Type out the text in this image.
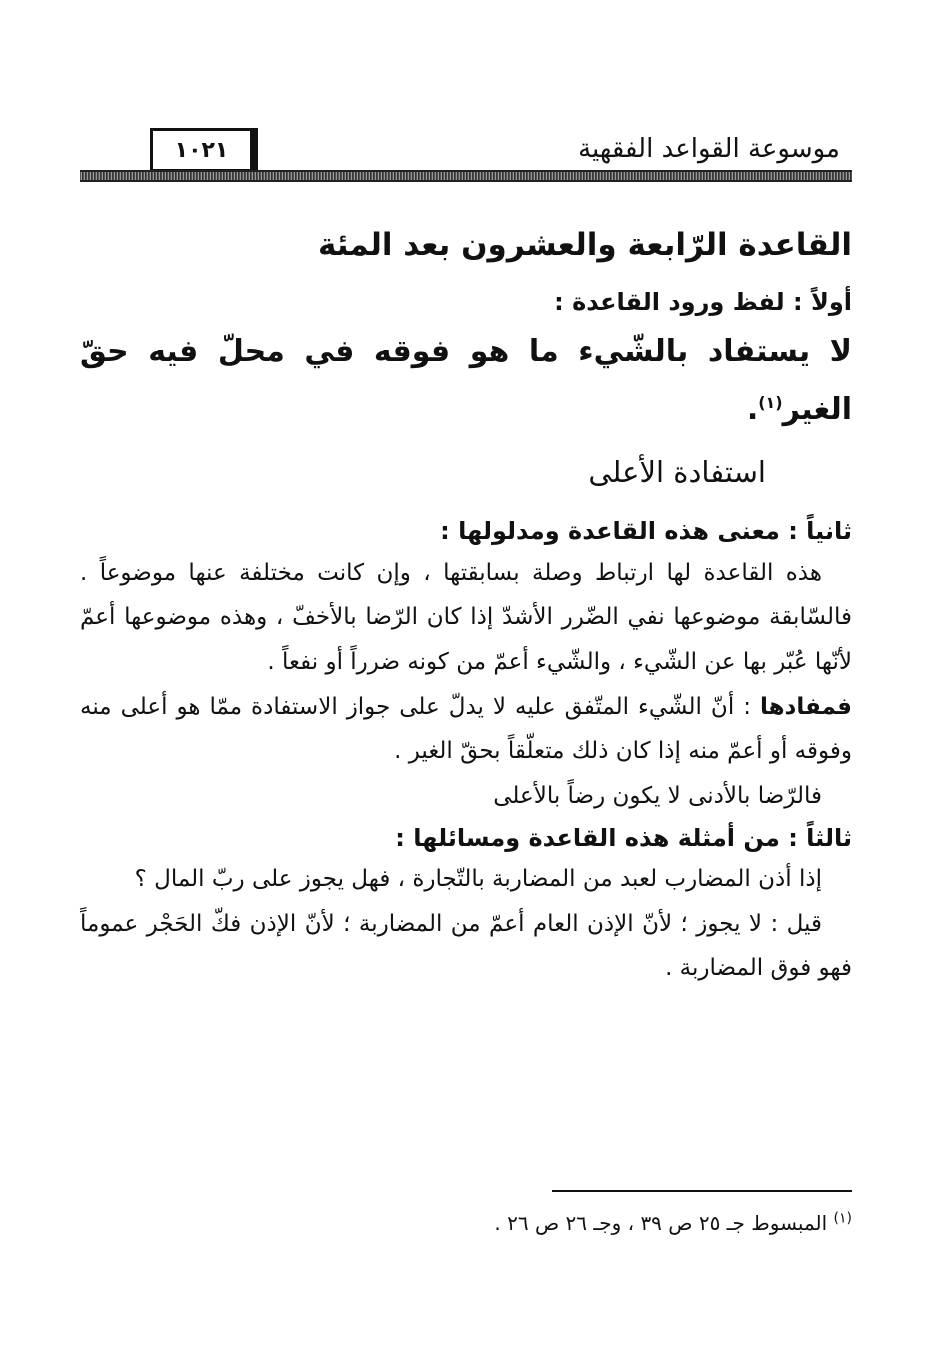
موسوعة القواعد الفقهية
١٠٢١
القاعدة الرّابعة والعشرون بعد المئة

أولاً : لفظ ورود القاعدة :

لا يستفاد بالشّيء ما هو فوقه في محلّ فيه حقّ الغير$^{(١)}$.

استفادة الأعلى

ثانياً : معنى هذه القاعدة ومدلولها :

هذه القاعدة لها ارتباط وصلة بسابقتها ، وإن كانت مختلفة عنها موضوعاً . فالسّابقة موضوعها نفي الضّرر الأشدّ إذا كان الرّضا بالأخفّ ، وهذه موضوعها أعمّ لأنّها عُبّر بها عن الشّيء ، والشّيء أعمّ من كونه ضرراً أو نفعاً .

فمفادها : أنّ الشّيء المتّفق عليه لا يدلّ على جواز الاستفادة ممّا هو أعلى منه وفوقه أو أعمّ منه إذا كان ذلك متعلّقاً بحقّ الغير .

فالرّضا بالأدنى لا يكون رضاً بالأعلى

ثالثاً : من أمثلة هذه القاعدة ومسائلها :

إذا أذن المضارب لعبد من المضاربة بالتّجارة ، فهل يجوز على ربّ المال ؟

قيل : لا يجوز ؛ لأنّ الإذن العام أعمّ من المضاربة ؛ لأنّ الإذن فكّ الحَجْر عموماً فهو فوق المضاربة .

$^{(١)}$ المبسوط جـ ٢٥ ص ٣٩ ، وجـ ٢٦ ص ٢٦ .
